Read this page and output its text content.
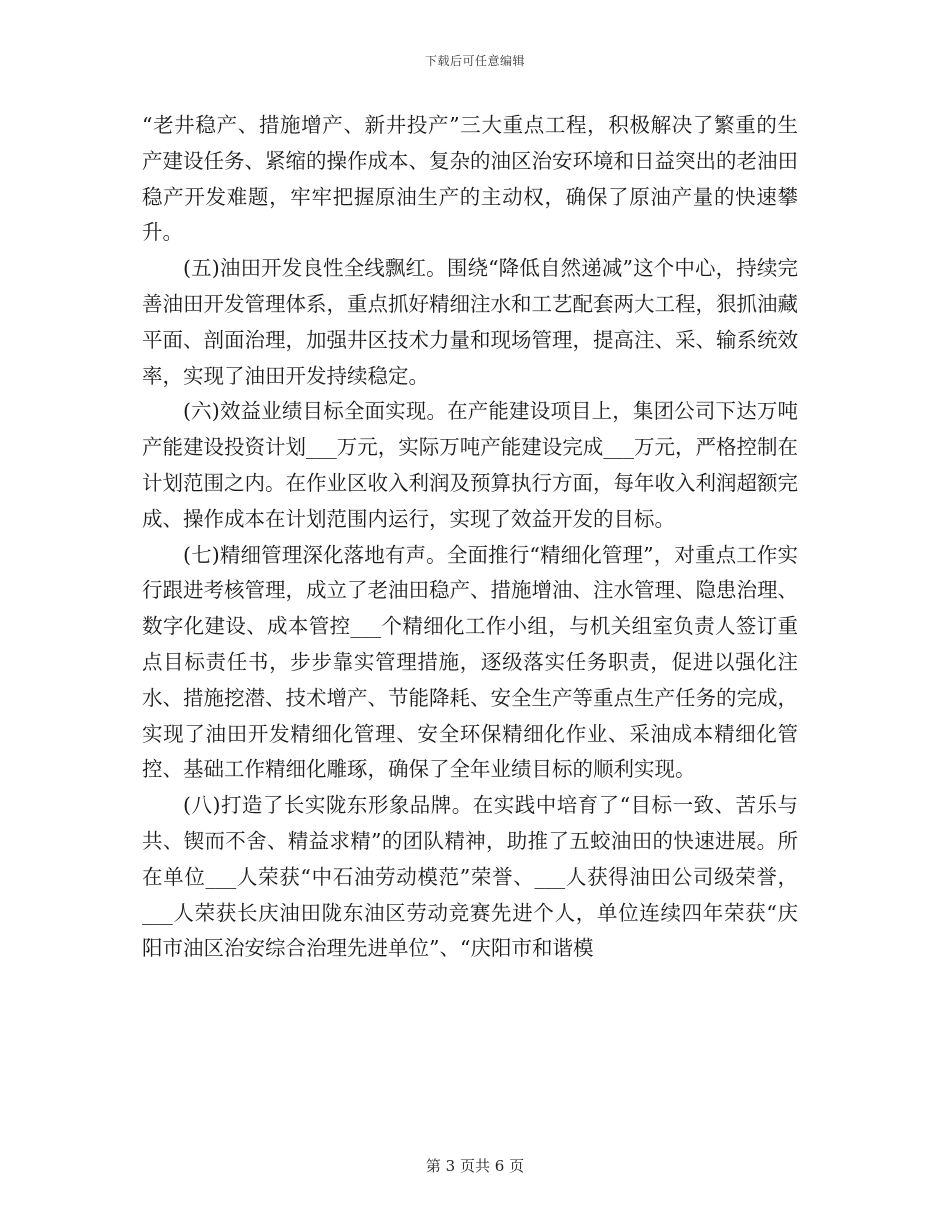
下载后可任意编辑

“老井稳产、措施增产、新井投产”三大重点工程，积极解决了繁重的生产建设任务、紧缩的操作成本、复杂的油区治安环境和日益突出的老油田稳产开发难题，牢牢把握原油生产的主动权，确保了原油产量的快速攀升。

(五)油田开发良性全线飘红。围绕“降低自然递减”这个中心，持续完善油田开发管理体系，重点抓好精细注水和工艺配套两大工程，狠抓油藏平面、剖面治理，加强井区技术力量和现场管理，提高注、采、输系统效率，实现了油田开发持续稳定。

(六)效益业绩目标全面实现。在产能建设项目上，集团公司下达万吨产能建设投资计划___万元，实际万吨产能建设完成___万元，严格控制在计划范围之内。在作业区收入利润及预算执行方面，每年收入利润超额完成、操作成本在计划范围内运行，实现了效益开发的目标。

(七)精细管理深化落地有声。全面推行“精细化管理”，对重点工作实行跟进考核管理，成立了老油田稳产、措施增油、注水管理、隐患治理、数字化建设、成本管控___个精细化工作小组，与机关组室负责人签订重点目标责任书，步步靠实管理措施，逐级落实任务职责，促进以强化注水、措施挖潜、技术增产、节能降耗、安全生产等重点生产任务的完成，实现了油田开发精细化管理、安全环保精细化作业、采油成本精细化管控、基础工作精细化雕琢，确保了全年业绩目标的顺利实现。

(八)打造了长实陇东形象品牌。在实践中培育了“目标一致、苦乐与共、锲而不舍、精益求精”的团队精神，助推了五蛟油田的快速进展。所在单位___人荣获“中石油劳动模范”荣誉、___人获得油田公司级荣誉，___人荣获长庆油田陇东油区劳动竞赛先进个人，单位连续四年荣获“庆阳市油区治安综合治理先进单位”、“庆阳市和谐模

第 3 页共 6 页
